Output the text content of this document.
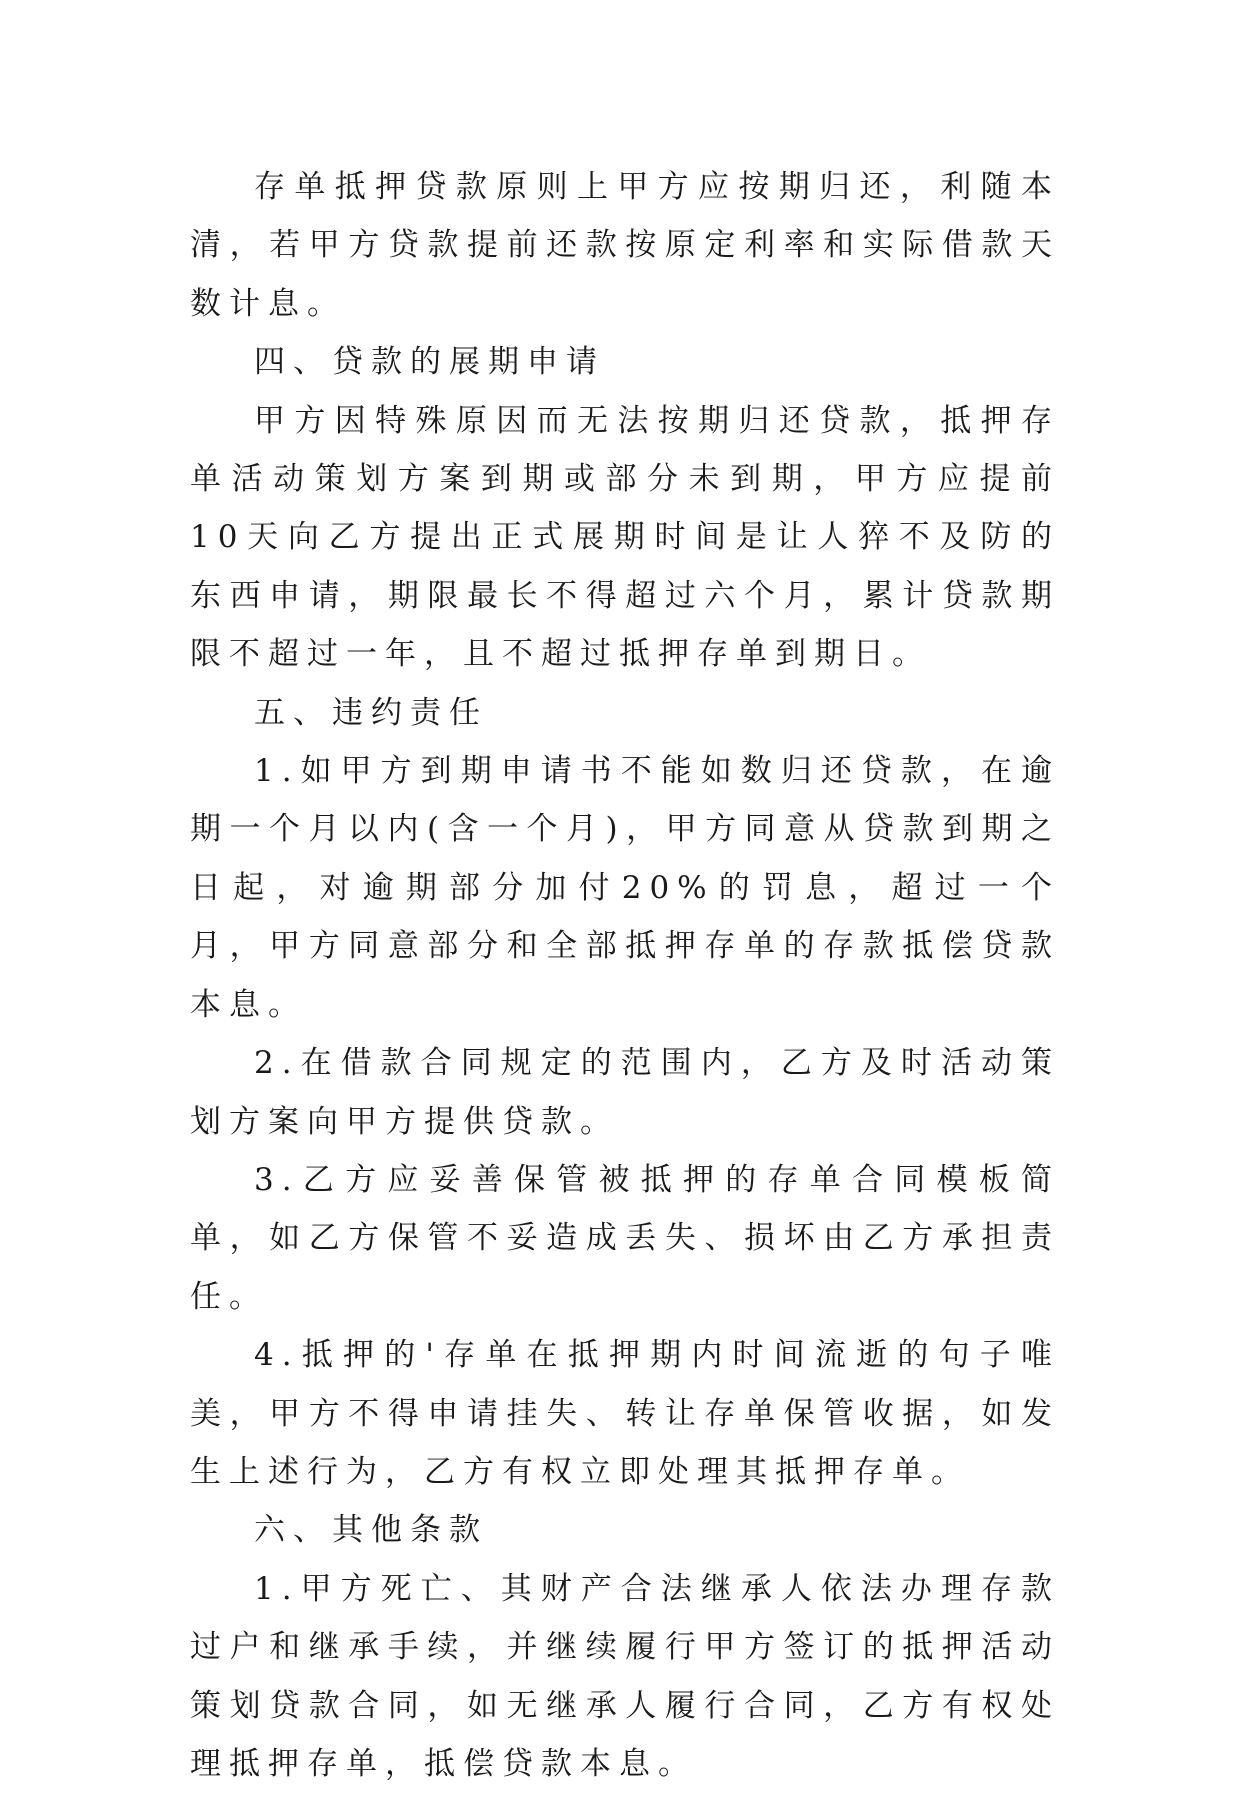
存单抵押贷款原则上甲方应按期归还，利随本清，若甲方贷款提前还款按原定利率和实际借款天数计息。

四、贷款的展期申请

甲方因特殊原因而无法按期归还贷款，抵押存单活动策划方案到期或部分未到期，甲方应提前10天向乙方提出正式展期时间是让人猝不及防的东西申请，期限最长不得超过六个月，累计贷款期限不超过一年，且不超过抵押存单到期日。

五、违约责任

1.如甲方到期申请书不能如数归还贷款，在逾期一个月以内(含一个月)，甲方同意从贷款到期之日起，对逾期部分加付20%的罚息，超过一个月，甲方同意部分和全部抵押存单的存款抵偿贷款本息。

2.在借款合同规定的范围内，乙方及时活动策划方案向甲方提供贷款。

3.乙方应妥善保管被抵押的存单合同模板简单，如乙方保管不妥造成丢失、损坏由乙方承担责任。

4.抵押的'存单在抵押期内时间流逝的句子唯美，甲方不得申请挂失、转让存单保管收据，如发生上述行为，乙方有权立即处理其抵押存单。

六、其他条款

1.甲方死亡、其财产合法继承人依法办理存款过户和继承手续，并继续履行甲方签订的抵押活动策划贷款合同，如无继承人履行合同，乙方有权处理抵押存单，抵偿贷款本息。
